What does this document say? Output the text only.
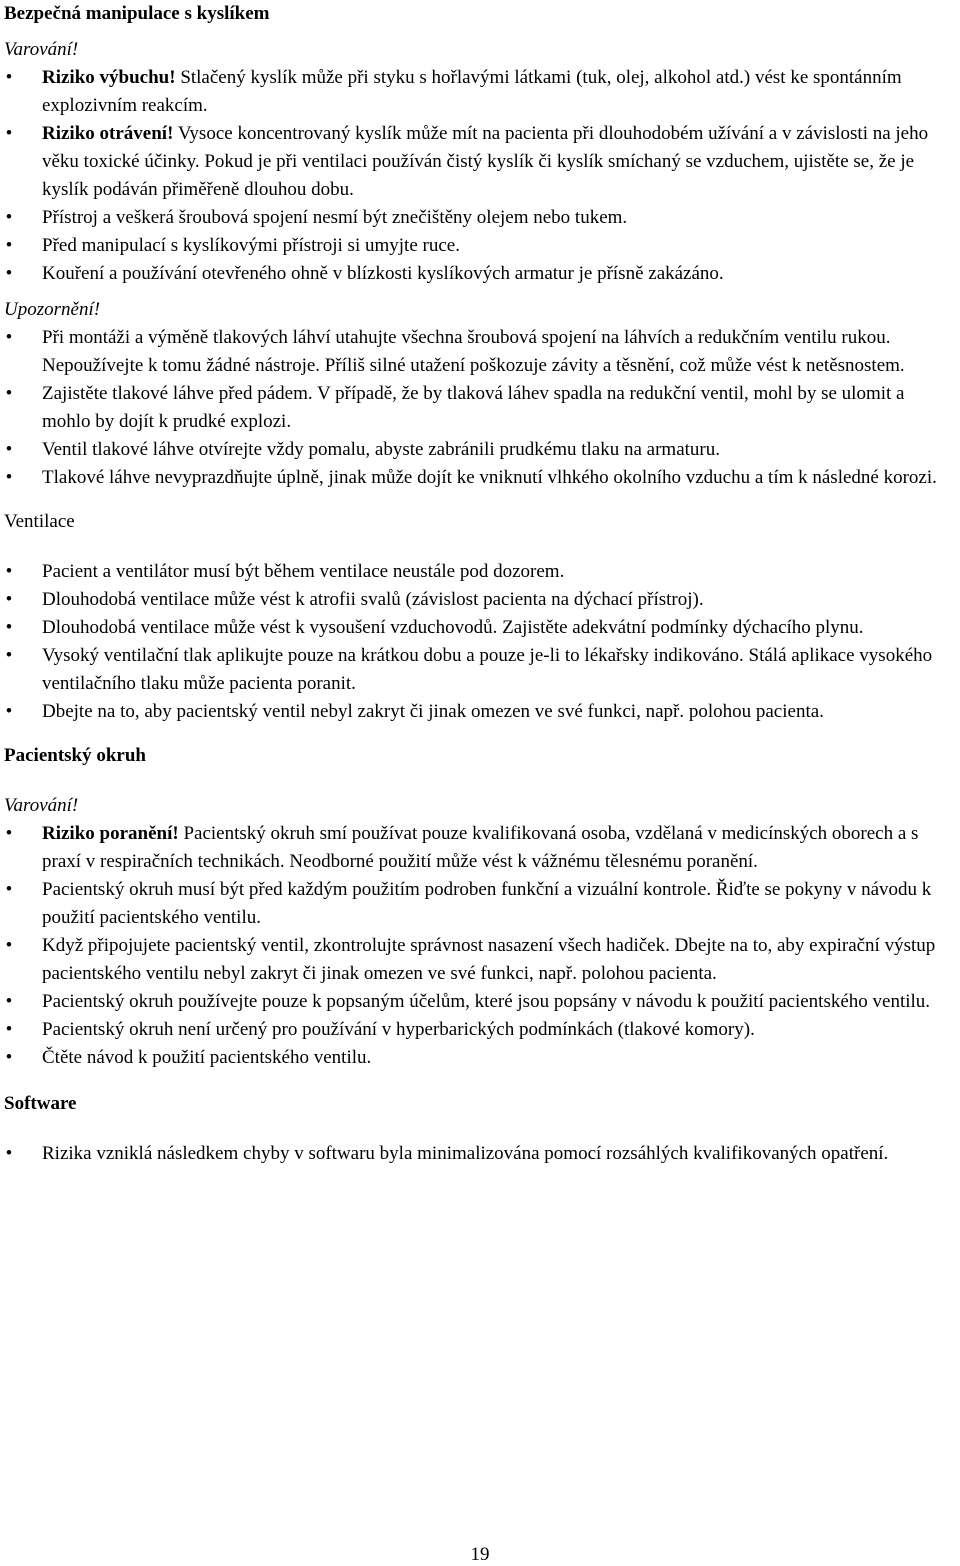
Bezpečná manipulace s kyslíkem

Varování!

• Riziko výbuchu! Stlačený kyslík může při styku s hořlavými látkami (tuk, olej, alkohol atd.) vést ke spontánním explozivním reakcím.
• Riziko otrávení! Vysoce koncentrovaný kyslík může mít na pacienta při dlouhodobém užívání a v závislosti na jeho věku toxické účinky. Pokud je při ventilaci používán čistý kyslík či kyslík smíchaný se vzduchem, ujistěte se, že je kyslík podáván přiměřeně dlouhou dobu.
• Přístroj a veškerá šroubová spojení nesmí být znečištěny olejem nebo tukem.
• Před manipulací s kyslíkovými přístroji si umyjte ruce.
• Kouření a používání otevřeného ohně v blízkosti kyslíkových armatur je přísně zakázáno.

Upozornění!

• Při montáži a výměně tlakových láhví utahujte všechna šroubová spojení na láhvích a redukčním ventilu rukou. Nepoužívejte k tomu žádné nástroje. Příliš silné utažení poškozuje závity a těsnění, což může vést k netěsnostem.
• Zajistěte tlakové láhve před pádem. V případě, že by tlaková láhev spadla na redukční ventil, mohl by se ulomit a mohlo by dojít k prudké explozi.
• Ventil tlakové láhve otvírejte vždy pomalu, abyste zabránili prudkému tlaku na armaturu.
• Tlakové láhve nevyprazdňujte úplně, jinak může dojít ke vniknutí vlhkého okolního vzduchu a tím k následné korozi.
Ventilace
• Pacient a ventilátor musí být během ventilace neustále pod dozorem.
• Dlouhodobá ventilace může vést k atrofii svalů (závislost pacienta na dýchací přístroj).
• Dlouhodobá ventilace může vést k vysoušení vzduchovodů. Zajistěte adekvátní podmínky dýchacího plynu.
• Vysoký ventilační tlak aplikujte pouze na krátkou dobu a pouze je-li to lékařsky indikováno. Stálá aplikace vysokého ventilačního tlaku může pacienta poranit.
• Dbejte na to, aby pacientský ventil nebyl zakryt či jinak omezen ve své funkci, např. polohou pacienta.
Pacientský okruh

Varování!

• Riziko poranění! Pacientský okruh smí používat pouze kvalifikovaná osoba, vzdělaná v medicínských oborech a s praxí v respiračních technikách. Neodborné použití může vést k vážnému tělesnému poranění.
• Pacientský okruh musí být před každým použitím podroben funkční a vizuální kontrole. Řiďte se pokyny v návodu k použití pacientského ventilu.
• Když připojujete pacientský ventil, zkontrolujte správnost nasazení všech hadiček. Dbejte na to, aby expirační výstup pacientského ventilu nebyl zakryt či jinak omezen ve své funkci, např. polohou pacienta.
• Pacientský okruh používejte pouze k popsaným účelům, které jsou popsány v návodu k použití pacientského ventilu.
• Pacientský okruh není určený pro používání v hyperbarických podmínkách (tlakové komory).
• Čtěte návod k použití pacientského ventilu.
Software
• Rizika vzniklá následkem chyby v softwaru byla minimalizována pomocí rozsáhlých kvalifikovaných opatření.
19
